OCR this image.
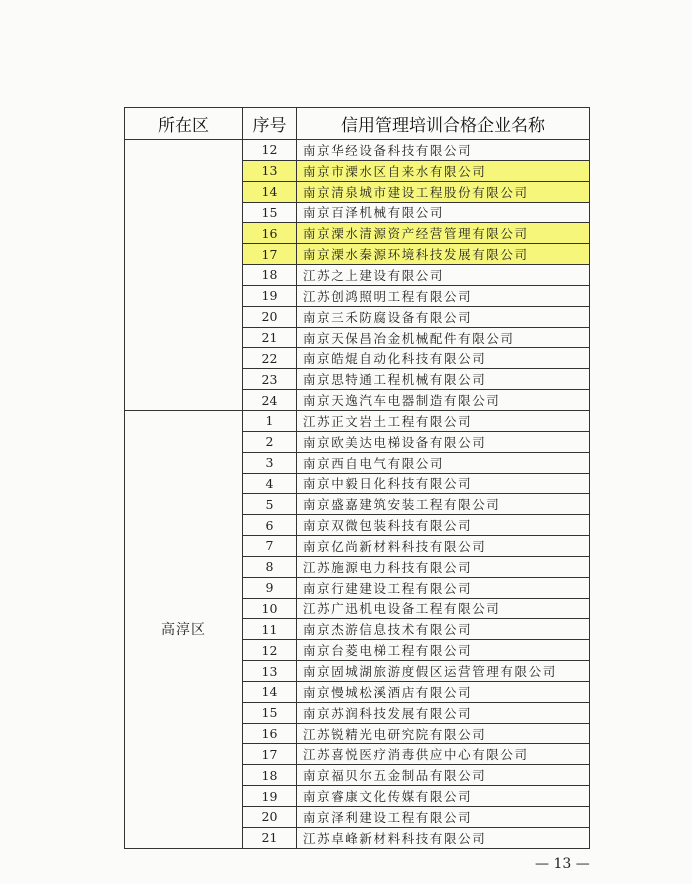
所在区	序号	信用管理培训合格企业名称
	12	南京华经设备科技有限公司
	13	南京市溧水区自来水有限公司
	14	南京清泉城市建设工程股份有限公司
	15	南京百泽机械有限公司
	16	南京溧水清源资产经营管理有限公司
	17	南京溧水秦源环境科技发展有限公司
	18	江苏之上建设有限公司
	19	江苏创鸿照明工程有限公司
	20	南京三禾防腐设备有限公司
	21	南京天保昌冶金机械配件有限公司
	22	南京皓焜自动化科技有限公司
	23	南京思特通工程机械有限公司
	24	南京天逸汽车电器制造有限公司
高淳区	1	江苏正文岩土工程有限公司
	2	南京欧美达电梯设备有限公司
	3	南京西自电气有限公司
	4	南京中毅日化科技有限公司
	5	南京盛嘉建筑安装工程有限公司
	6	南京双微包装科技有限公司
	7	南京亿尚新材料科技有限公司
	8	江苏施源电力科技有限公司
	9	南京行建建设工程有限公司
	10	江苏广迅机电设备工程有限公司
	11	南京杰游信息技术有限公司
	12	南京台菱电梯工程有限公司
	13	南京固城湖旅游度假区运营管理有限公司
	14	南京慢城松溪酒店有限公司
	15	南京苏润科技发展有限公司
	16	江苏锐精光电研究院有限公司
	17	江苏喜悦医疗消毒供应中心有限公司
	18	南京福贝尔五金制品有限公司
	19	南京睿康文化传媒有限公司
	20	南京泽利建设工程有限公司
	21	江苏卓峰新材料科技有限公司
— 13 —
